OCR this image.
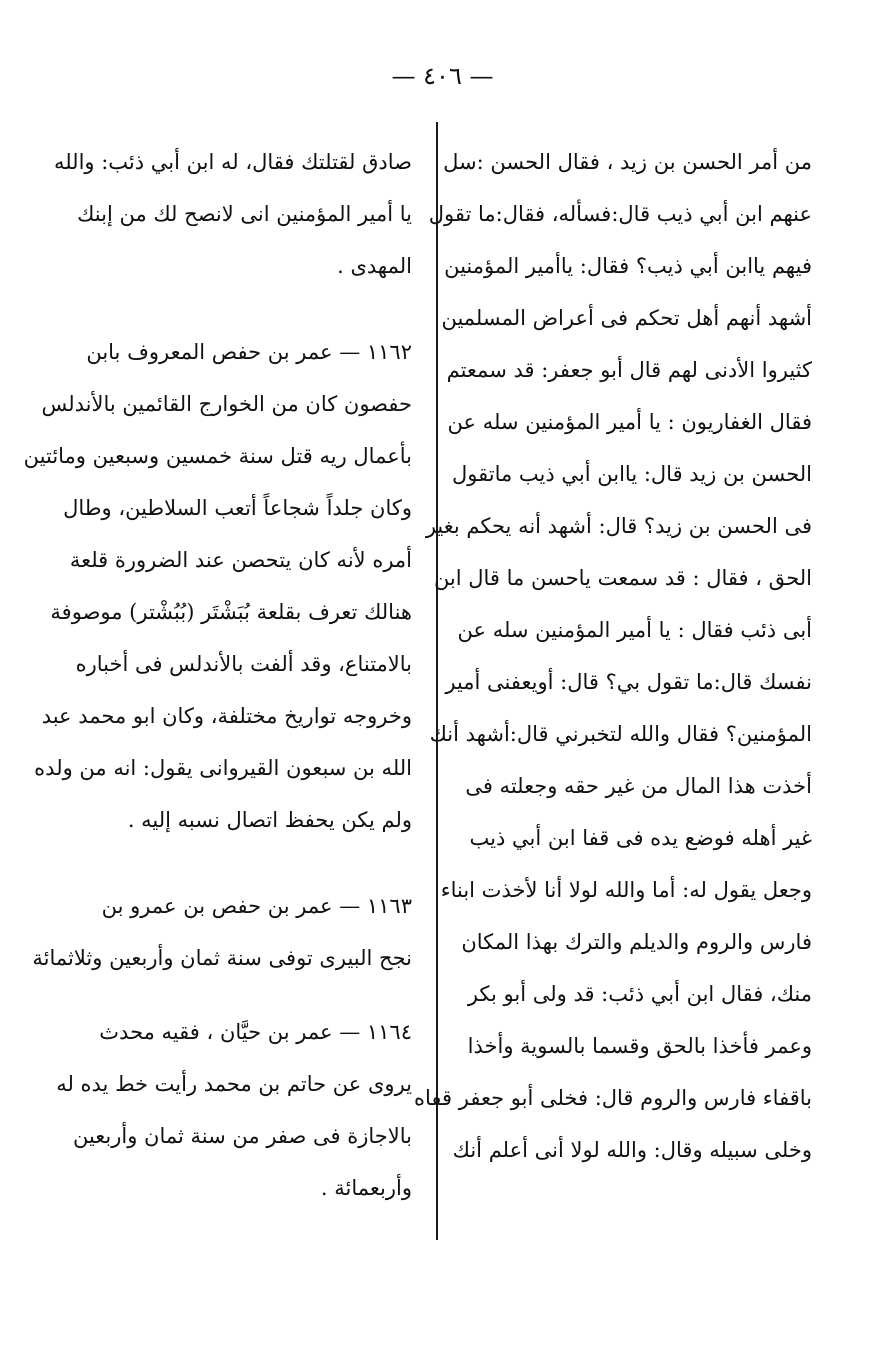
— ٤٠٦ —
من أمر الحسن بن زيد ، فقال الحسن :سل
عنهم ابن أبي ذيب قال:فسأله، فقال:ما تقول
فيهم ياابن أبي ذيب؟ فقال: ياأمير المؤمنين
أشهد أنهم أهل تحكم فى أعراض المسلمين
كثيروا الأدنى لهم قال أبو جعفر: قد سمعتم
فقال الغفاريون : يا أمير المؤمنين سله عن
الحسن بن زيد قال: ياابن أبي ذيب ماتقول
فى الحسن بن زيد؟ قال: أشهد أنه يحكم بغير
الحق ، فقال : قد سمعت ياحسن ما قال ابن
أبى ذئب فقال : يا أمير المؤمنين سله عن
نفسك قال:ما تقول بي؟ قال: أويعفنى أمير
المؤمنين؟ فقال والله لتخبرني قال:أشهد أنك
أخذت هذا المال من غير حقه وجعلته فى
غير أهله فوضع يده فى قفا ابن أبي ذيب
وجعل يقول له: أما والله لولا أنا لأخذت ابناء
فارس والروم والديلم والترك بهذا المكان
منك، فقال ابن أبي ذئب: قد ولى أبو بكر
وعمر فأخذا بالحق وقسما بالسوية وأخذا
باقفاء فارس والروم قال: فخلى أبو جعفر قفاه
وخلى سبيله وقال: والله لولا أنى أعلم أنك
صادق لقتلتك فقال، له ابن أبي ذئب: والله
يا أمير المؤمنين انى لانصح لك من إبنك
المهدى .
١١٦٢ — عمر بن حفص المعروف بابن
حفصون كان من الخوارج القائمين بالأندلس
بأعمال ريه قتل سنة خمسين وسبعين ومائتين
وكان جلداً شجاعاً أتعب السلاطين، وطال
أمره لأنه كان يتحصن عند الضرورة قلعة
هنالك تعرف بقلعة بُبَشْتَر (بُبُشْتر) موصوفة
بالامتناع، وقد ألفت بالأندلس فى أخباره
وخروجه تواريخ مختلفة، وكان ابو محمد عبد
الله بن سبعون القيروانى يقول: انه من ولده
ولم يكن يحفظ اتصال نسبه إليه .
١١٦٣ — عمر بن حفص بن عمرو بن
نجح البيرى توفى سنة ثمان وأربعين وثلاثمائة
١١٦٤ — عمر بن حيَّان ، فقيه محدث
يروى عن حاتم بن محمد رأيت خط يده له
بالاجازة فى صفر من سنة ثمان وأربعين
وأربعمائة .
